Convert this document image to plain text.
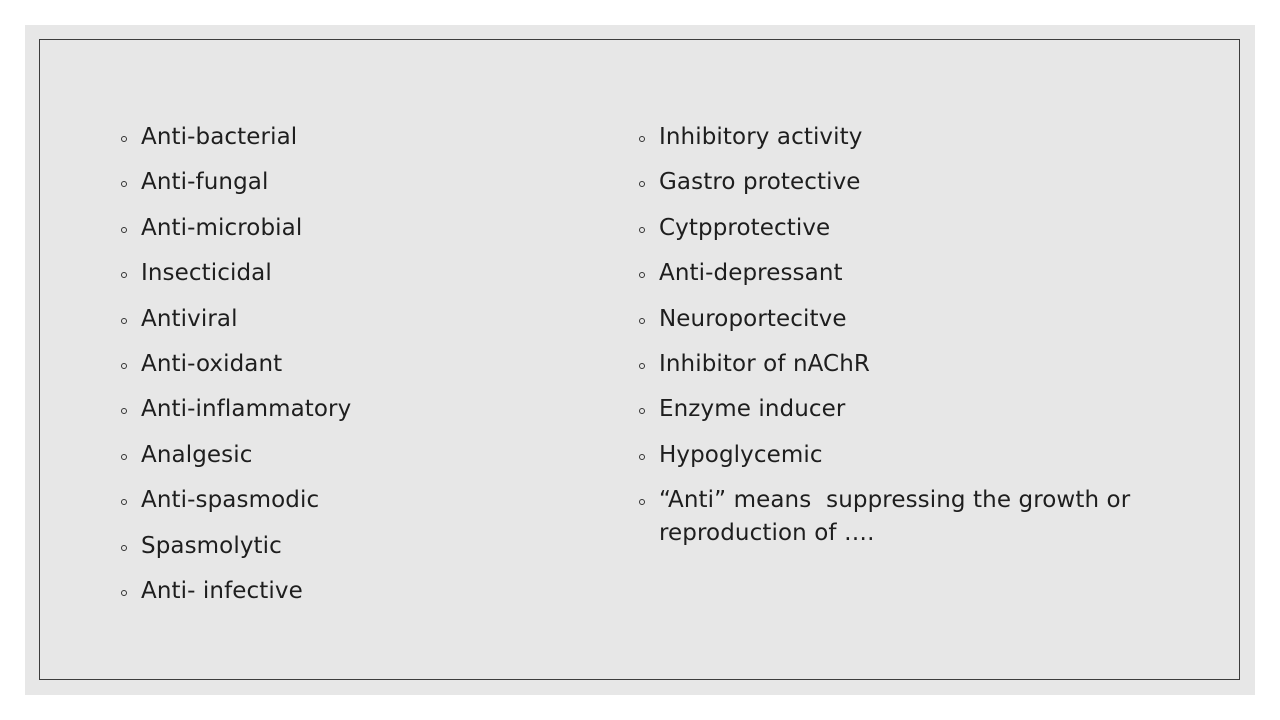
Anti-bacterial
Anti-fungal
Anti-microbial
Insecticidal
Antiviral
Anti-oxidant
Anti-inflammatory
Analgesic
Anti-spasmodic
Spasmolytic
Anti- infective
Inhibitory activity
Gastro protective
Cytpprotective
Anti-depressant
Neuroportecitve
Inhibitor of nAChR
Enzyme inducer
Hypoglycemic
“Anti” means  suppressing the growth or reproduction of ….
